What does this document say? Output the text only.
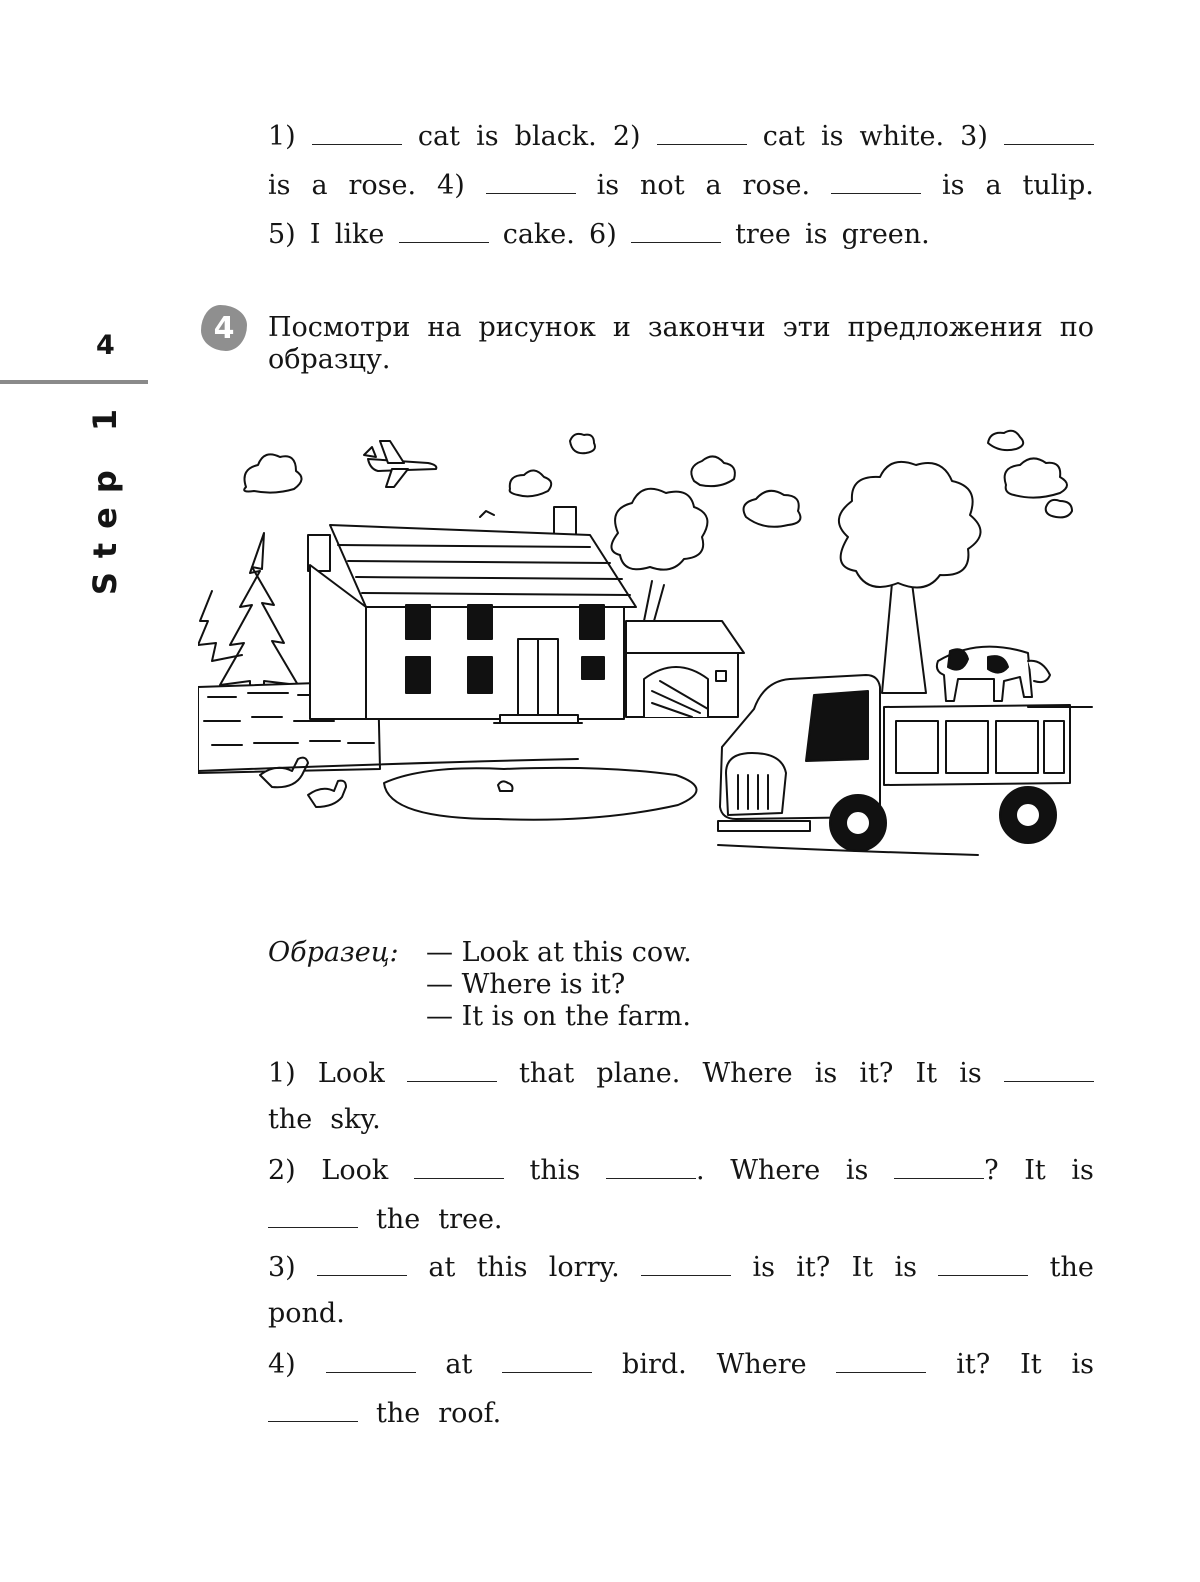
1)	cat is black. 2)	cat is white. 3)
is a rose. 4)	is not a rose.	is a tulip.
5) I like	cake. 6)	tree is green.
4
Step 1
4	Посмотри на рисунок и закончи эти предложения по образцу.
Образец: — Look at this cow.
— Where is it?
— It is on the farm.
1) Look	that plane. Where is it? It is
the sky.
2) Look	this	. Where is	? It is
the tree.
3)	at this lorry.	is it? It is	the
pond.
4)	at	bird. Where	it? It is
the roof.
